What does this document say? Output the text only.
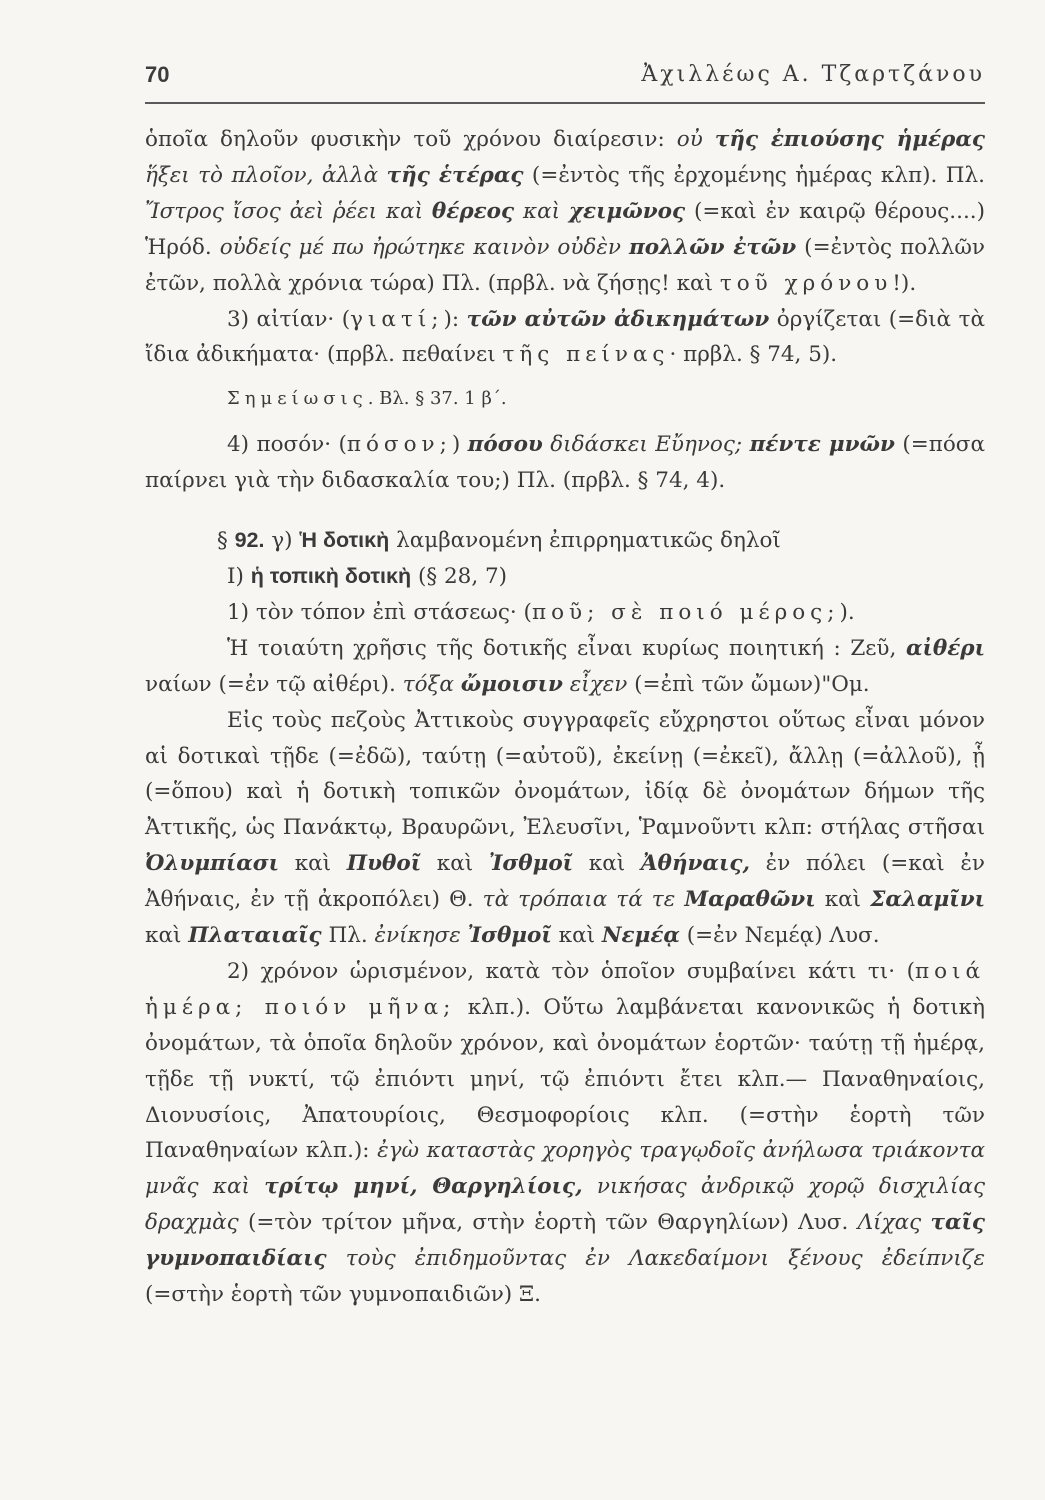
70	Ἀχιλλέως Α. Τζαρτζάνου

ὁποῖα δηλοῦν φυσικὴν τοῦ χρόνου διαίρεσιν: οὐ τῆς ἐπιούσης ἡμέρας ἥξει τὸ πλοῖον, ἀλλὰ τῆς ἑτέρας (=ἐντὸς τῆς ἐρχομένης ἡμέρας κλπ). Πλ. Ἴστρος ἴσος ἀεὶ ῥέει καὶ θέρεος καὶ χειμῶνος (=καὶ ἐν καιρῷ θέρους....) Ἡρόδ. οὐδείς μέ πω ἠρώτηκε καινὸν οὐδὲν πολλῶν ἐτῶν (=ἐντὸς πολλῶν ἐτῶν, πολλὰ χρόνια τώρα) Πλ. (πρβλ. νὰ ζήσῃς! καὶ τοῦ χρόνου!).

3) αἰτίαν· (γιατί;): τῶν αὐτῶν ἀδικημάτων ὀργίζεται (=διὰ τὰ ἴδια ἀδικήματα· (πρβλ. πεθαίνει τῆς πείνας· πρβλ. § 74, 5).

Σημείωσις. Βλ. § 37. 1 β΄.

4) ποσόν· (πόσον;) πόσου διδάσκει Εὔηνος; πέντε μνῶν (=πόσα παίρνει γιὰ τὴν διδασκαλία του;) Πλ. (πρβλ. § 74, 4).

§ 92. γ) Ἡ δοτικὴ λαμβανομένη ἐπιρρηματικῶς δηλοῖ

I) ἡ τοπικὴ δοτικὴ (§ 28, 7)

1) τὸν τόπον ἐπὶ στάσεως· (ποῦ; σὲ ποιό μέρος;).

Ἡ τοιαύτη χρῆσις τῆς δοτικῆς εἶναι κυρίως ποιητική : Ζεῦ, αἰθέρι ναίων (=ἐν τῷ αἰθέρι). τόξα ὤμοισιν εἶχεν (=ἐπὶ τῶν ὤμων)"Ομ.

Εἰς τοὺς πεζοὺς Ἀττικοὺς συγγραφεῖς εὔχρηστοι οὕτως εἶναι μόνον αἱ δοτικαὶ τῇδε (=ἐδῶ), ταύτῃ (=αὐτοῦ), ἐκείνῃ (=ἐκεῖ), ἄλλῃ (=ἀλλοῦ), ᾗ (=ὅπου) καὶ ἡ δοτικὴ τοπικῶν ὀνομάτων, ἰδίᾳ δὲ ὀνομάτων δήμων τῆς Ἀττικῆς, ὡς Πανάκτῳ, Βραυρῶνι, Ἐλευσῖνι, Ῥαμνοῦντι κλπ: στήλας στῆσαι Ὀλυμπίασι καὶ Πυθοῖ καὶ Ἰσθμοῖ καὶ Ἀθήναις, ἐν πόλει (=καὶ ἐν Ἀθήναις, ἐν τῇ ἀκροπόλει) Θ. τὰ τρόπαια τά τε Μαραθῶνι καὶ Σαλαμῖνι καὶ Πλαταιαῖς Πλ. ἐνίκησε Ἰσθμοῖ καὶ Νεμέᾳ (=ἐν Νεμέᾳ) Λυσ.

2) χρόνον ὡρισμένον, κατὰ τὸν ὁποῖον συμβαίνει κάτι τι· (ποιά ἡμέρα; ποιόν μῆνα; κλπ.). Οὕτω λαμβάνεται κανονικῶς ἡ δοτικὴ ὀνομάτων, τὰ ὁποῖα δηλοῦν χρόνον, καὶ ὀνομάτων ἑορτῶν· ταύτῃ τῇ ἡμέρᾳ, τῇδε τῇ νυκτί, τῷ ἐπιόντι μηνί, τῷ ἐπιόντι ἔτει κλπ.— Παναθηναίοις, Διονυσίοις, Ἀπατουρίοις, Θεσμοφορίοις κλπ. (=στὴν ἑορτὴ τῶν Παναθηναίων κλπ.): ἐγὼ καταστὰς χορηγὸς τραγῳδοῖς ἀνήλωσα τριάκοντα μνᾶς καὶ τρίτῳ μηνί, Θαργηλίοις, νικήσας ἀνδρικῷ χορῷ δισχιλίας δραχμὰς (=τὸν τρίτον μῆνα, στὴν ἑορτὴ τῶν Θαργηλίων) Λυσ. Λίχας ταῖς γυμνοπαιδίαις τοὺς ἐπιδημοῦντας ἐν Λακεδαίμονι ξένους ἐδείπνιζε (=στὴν ἑορτὴ τῶν γυμνοπαιδιῶν) Ξ.
